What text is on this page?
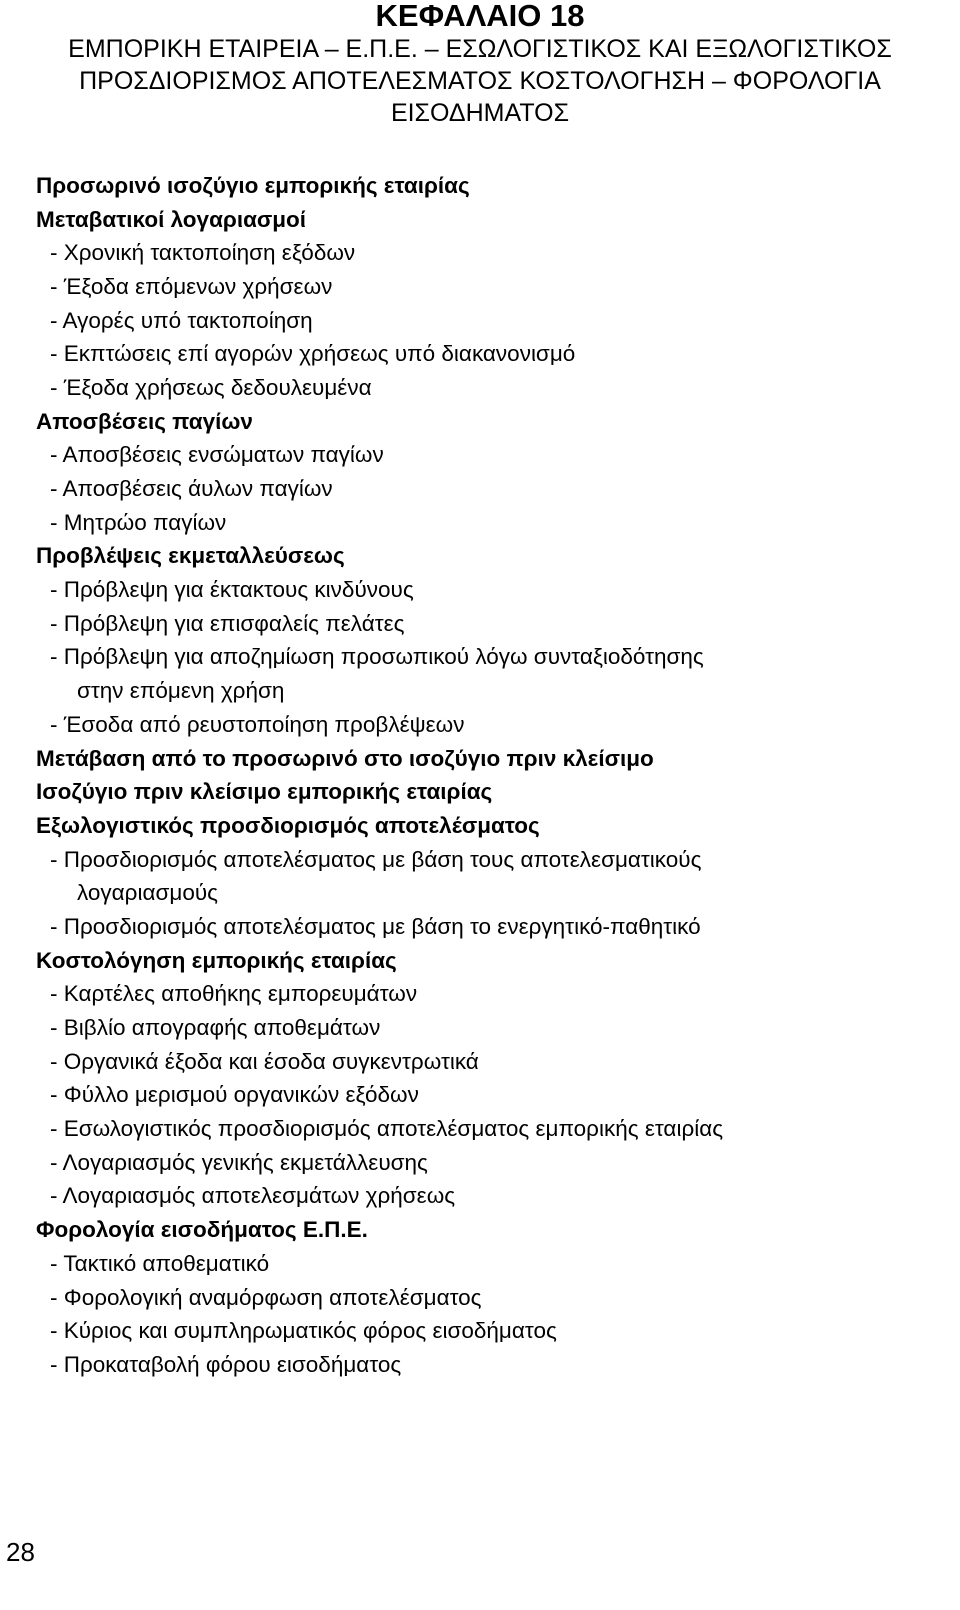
ΚΕΦΑΛΑΙΟ 18
ΕΜΠΟΡΙΚΗ ΕΤΑΙΡΕΙΑ – Ε.Π.Ε. – ΕΣΩΛΟΓΙΣΤΙΚΟΣ ΚΑΙ ΕΞΩΛΟΓΙΣΤΙΚΟΣ
ΠΡΟΣΔΙΟΡΙΣΜΟΣ ΑΠΟΤΕΛΕΣΜΑΤΟΣ ΚΟΣΤΟΛΟΓΗΣΗ – ΦΟΡΟΛΟΓΙΑ
ΕΙΣΟΔΗΜΑΤΟΣ
Προσωρινό ισοζύγιο εμπορικής εταιρίας
.....
Μεταβατικοί λογαριασμοί
- Χρονική τακτοποίηση εξόδων
.....
- Έξοδα επόμενων χρήσεων
.....
- Αγορές υπό τακτοποίηση
.....
- Εκπτώσεις επί αγορών χρήσεως υπό διακανονισμό
.....
- Έξοδα χρήσεως δεδουλευμένα
.....
Αποσβέσεις παγίων
- Αποσβέσεις ενσώματων παγίων
.....
- Αποσβέσεις άυλων παγίων
.....
- Μητρώο παγίων
.....
Προβλέψεις εκμεταλλεύσεως
- Πρόβλεψη για έκτακτους κινδύνους
.....
- Πρόβλεψη για επισφαλείς πελάτες
.....
- Πρόβλεψη για αποζημίωση προσωπικού λόγω συνταξιοδότησης
στην επόμενη χρήση
.....
- Έσοδα από ρευστοποίηση προβλέψεων
.....
Μετάβαση από το προσωρινό στο ισοζύγιο πριν κλείσιμο
.....
Ισοζύγιο πριν κλείσιμο εμπορικής εταιρίας
.....
Εξωλογιστικός προσδιορισμός αποτελέσματος
.....
- Προσδιορισμός αποτελέσματος με βάση τους αποτελεσματικούς
λογαριασμούς
.....
- Προσδιορισμός αποτελέσματος με βάση το ενεργητικό-παθητικό
.....
Κοστολόγηση εμπορικής εταιρίας
.....
- Καρτέλες αποθήκης εμπορευμάτων
.....
- Βιβλίο απογραφής αποθεμάτων
.....
- Οργανικά έξοδα και έσοδα συγκεντρωτικά
.....
- Φύλλο μερισμού οργανικών εξόδων
.....
- Εσωλογιστικός προσδιορισμός αποτελέσματος εμπορικής εταιρίας
.....
- Λογαριασμός γενικής εκμετάλλευσης
.....
- Λογαριασμός αποτελεσμάτων χρήσεως
.....
Φορολογία εισοδήματος Ε.Π.Ε.
.....
- Τακτικό αποθεματικό
.....
- Φορολογική αναμόρφωση αποτελέσματος
.....
- Κύριος και συμπληρωματικός φόρος εισοδήματος
.....
- Προκαταβολή φόρου εισοδήματος
.....
28
